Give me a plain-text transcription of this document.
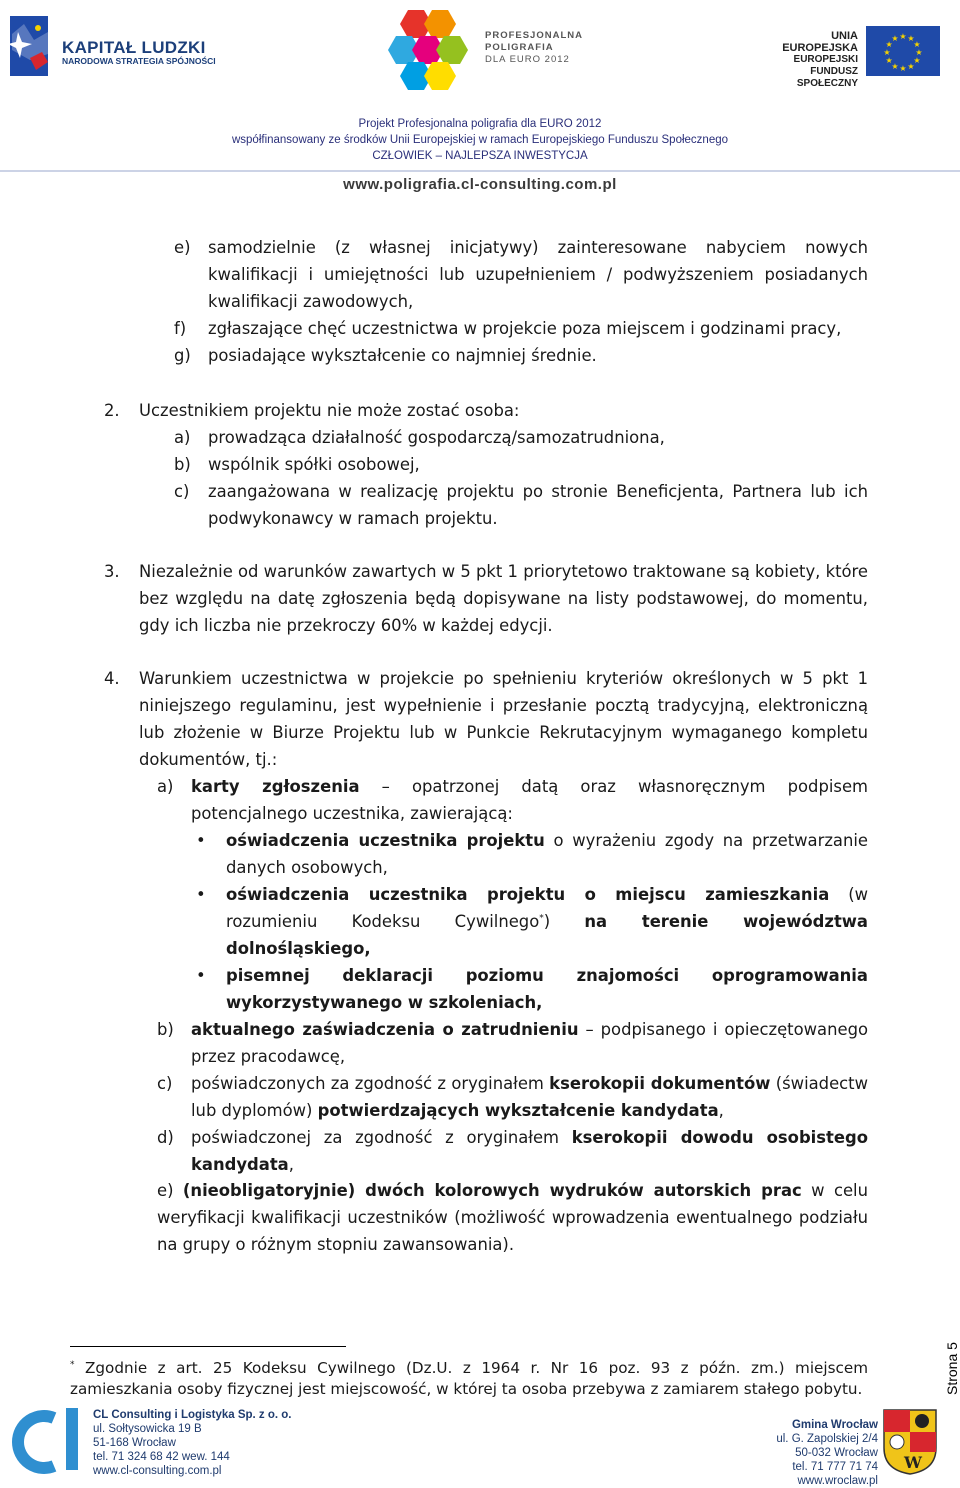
KAPITAŁ LUDZKI
NARODOWA STRATEGIA SPÓJNOŚCI
PROFESJONALNA
POLIGRAFIA
DLA EURO 2012
UNIA EUROPEJSKA
EUROPEJSKI
FUNDUSZ SPOŁECZNY
★
★
★
★
★
★
★
★
★ ★ ★
★
Projekt Profesjonalna poligrafia dla EURO 2012
współfinansowany ze środków Unii Europejskiej w ramach Europejskiego Funduszu Społecznego
CZŁOWIEK – NAJLEPSZA INWESTYCJA
www.poligrafia.cl-consulting.com.pl
e) samodzielnie (z własnej inicjatywy) zainteresowane nabyciem nowych kwalifikacji i umiejętności lub uzupełnieniem / podwyższeniem posiadanych kwalifikacji zawodowych,
f) zgłaszające chęć uczestnictwa w projekcie poza miejscem i godzinami pracy,
g) posiadające wykształcenie co najmniej średnie.
2. Uczestnikiem projektu nie może zostać osoba:
a) prowadząca działalność gospodarczą/samozatrudniona,
b) wspólnik spółki osobowej,
c) zaangażowana w realizację projektu po stronie Beneficjenta, Partnera lub ich podwykonawcy w ramach projektu.
3. Niezależnie od warunków zawartych w 5 pkt 1 priorytetowo traktowane są kobiety, które bez względu na datę zgłoszenia będą dopisywane na listy podstawowej, do momentu, gdy ich liczba nie przekroczy 60% w każdej edycji.
4. Warunkiem uczestnictwa w projekcie po spełnieniu kryteriów określonych w 5 pkt 1 niniejszego regulaminu, jest wypełnienie i przesłanie pocztą tradycyjną, elektroniczną lub złożenie w Biurze Projektu lub w Punkcie Rekrutacyjnym wymaganego kompletu dokumentów, tj.:
a) karty zgłoszenia – opatrzonej datą oraz własnoręcznym podpisem potencjalnego uczestnika, zawierającą:
• oświadczenia uczestnika projektu o wyrażeniu zgody na przetwarzanie danych osobowych,
• oświadczenia uczestnika projektu o miejscu zamieszkania (w rozumieniu Kodeksu Cywilnego*) na terenie województwa dolnośląskiego,
• pisemnej deklaracji poziomu znajomości oprogramowania wykorzystywanego w szkoleniach,
b) aktualnego zaświadczenia o zatrudnieniu – podpisanego i opieczętowanego przez pracodawcę,
c) poświadczonych za zgodność z oryginałem kserokopii dokumentów (świadectw lub dyplomów) potwierdzających wykształcenie kandydata,
d) poświadczonej za zgodność z oryginałem kserokopii dowodu osobistego kandydata,
e) (nieobligatoryjnie) dwóch kolorowych wydruków autorskich prac w celu weryfikacji kwalifikacji uczestników (możliwość wprowadzenia ewentualnego podziału na grupy o różnym stopniu zawansowania).
* Zgodnie z art. 25 Kodeksu Cywilnego (Dz.U. z 1964 r. Nr 16 poz. 93 z późn. zm.) miejscem zamieszkania osoby fizycznej jest miejscowość, w której ta osoba przebywa z zamiarem stałego pobytu.	Strona 5
CL Consulting i Logistyka Sp. z o. o.
ul. Sołtysowicka 19 B
51-168 Wrocław
tel. 71 324 68 42 wew. 144
www.cl-consulting.com.pl
Gmina Wrocław
ul. G. Zapolskiej 2/4
50-032 Wrocław
tel. 71 777 71 74
www.wroclaw.pl
W
